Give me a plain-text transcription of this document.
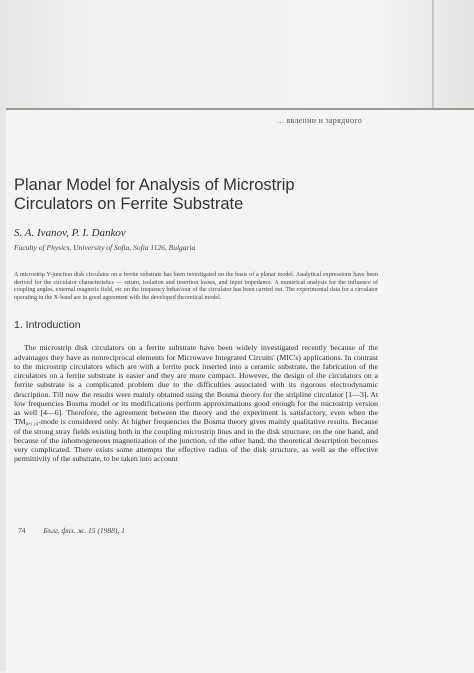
... явлении и зарядного
Planar Model for Analysis of Microstrip Circulators on Ferrite Substrate

S. A. Ivanov, P. I. Dankov

Faculty of Physics, University of Sofia, Sofia 1126, Bulgaria

A microstrip Y-junction disk circulator on a ferrite substrate has been investigated on the basis of a planar model. Analytical expressions have been derived for the circulator characteristics — return, isolation and insertion losses, and input impedance. A numerical analysis for the influence of coupling angles, external magnetic field, etc on the frequency behaviour of the circulator has been carried out. The experimental data for a circulator operating in the X-band are in good agreement with the developed theoretical model.

1. Introduction

The microstrip disk circulators on a ferrite substrate have been widely investigated recently because of the advantages they have as nonreciprocal elements for Microwave Integrated Circuits' (MIC's) applications. In contrast to the microstrip circulators which are with a ferrite puck inserted into a ceramic substrate, the fabrication of the circulators on a ferrite substrate is easier and they are more compact. However, the design of the circulators on a ferrite substrate is a complicated problem due to the difficulties associated with its rigorous electrodynamic description. Till now the results were mainly obtained using the Bosma theory for the stripline circulator [1—3]. At low frequencies Bosma model or its modifications perform approximations good enough for the microstrip version as well [4—6]. Therefore, the agreement between the theory and the experiment is satisfactory, even when the TM₀,₁₁₀-mode is considered only. At higher frequencies the Bosma theory gives mainly qualitative results. Because of the strong stray fields existing both in the coupling microstrip lines and in the disk structure, on the one hand, and because of the inhomogeneous magnetization of the junction, of the other hand, the theoretical description becomes very complicated. There exists some attempts the effective radius of the disk structure, as well as the effective permittivity of the substrate, to be taken into account

74 Бълг. физ. ж. 15 (1988), 1
